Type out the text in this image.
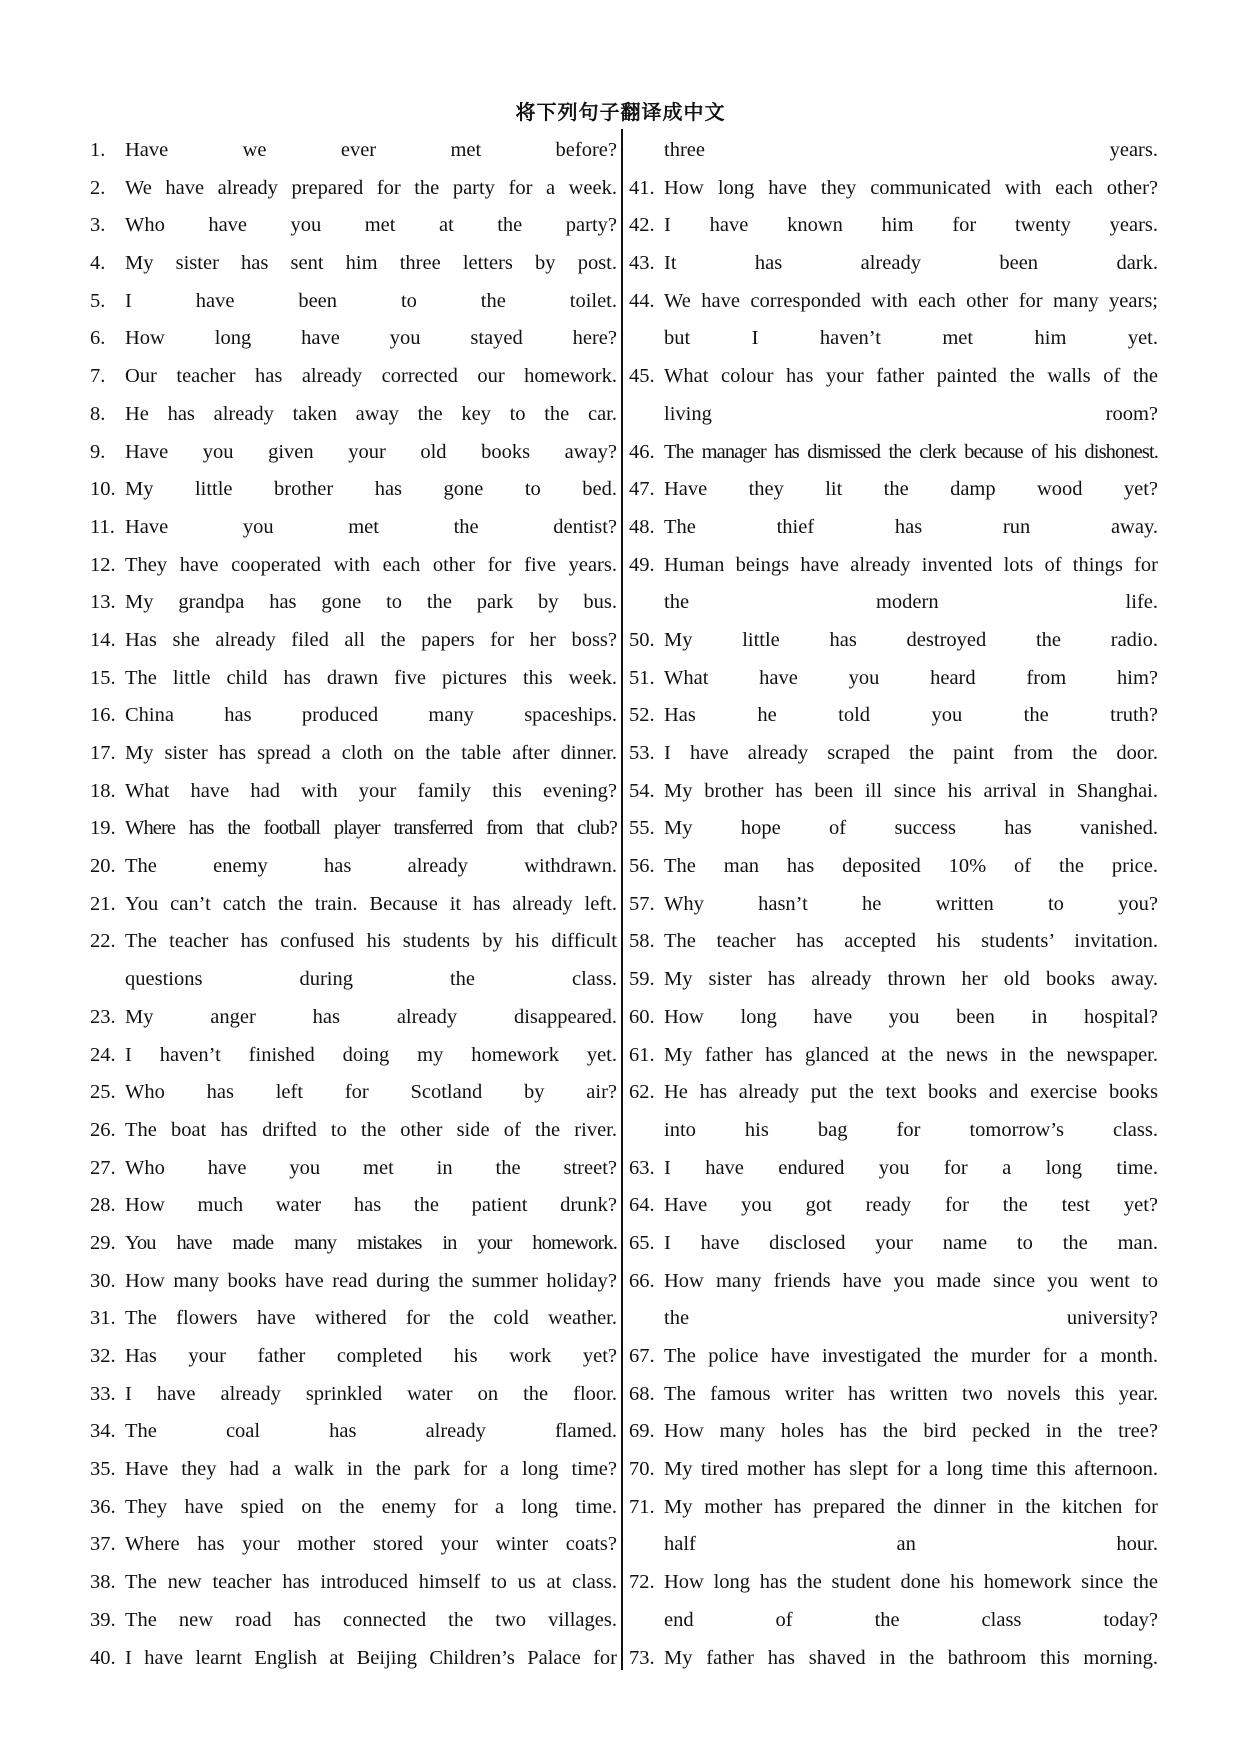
将下列句子翻译成中文
1. Have we ever met before?
2. We have already prepared for the party for a week.
3. Who have you met at the party?
4. My sister has sent him three letters by post.
5. I have been to the toilet.
6. How long have you stayed here?
7. Our teacher has already corrected our homework.
8. He has already taken away the key to the car.
9. Have you given your old books away?
10. My little brother has gone to bed.
11. Have you met the dentist?
12. They have cooperated with each other for five years.
13. My grandpa has gone to the park by bus.
14. Has she already filed all the papers for her boss?
15. The little child has drawn five pictures this week.
16. China has produced many spaceships.
17. My sister has spread a cloth on the table after dinner.
18. What have had with your family this evening?
19. Where has the football player transferred from that club?
20. The enemy has already withdrawn.
21. You can’t catch the train. Because it has already left.
22. The teacher has confused his students by his difficult
questions during the class.
23. My anger has already disappeared.
24. I haven’t finished doing my homework yet.
25. Who has left for Scotland by air?
26. The boat has drifted to the other side of the river.
27. Who have you met in the street?
28. How much water has the patient drunk?
29. You have made many mistakes in your homework.
30. How many books have read during the summer holiday?
31. The flowers have withered for the cold weather.
32. Has your father completed his work yet?
33. I have already sprinkled water on the floor.
34. The coal has already flamed.
35. Have they had a walk in the park for a long time?
36. They have spied on the enemy for a long time.
37. Where has your mother stored your winter coats?
38. The new teacher has introduced himself to us at class.
39. The new road has connected the two villages.
40. I have learnt English at Beijing Children’s Palace for
three years.
41. How long have they communicated with each other?
42. I have known him for twenty years.
43. It has already been dark.
44. We have corresponded with each other for many years;
but I haven’t met him yet.
45. What colour has your father painted the walls of the
living room?
46. The manager has dismissed the clerk because of his dishonest.
47. Have they lit the damp wood yet?
48. The thief has run away.
49. Human beings have already invented lots of things for
the modern life.
50. My little has destroyed the radio.
51. What have you heard from him?
52. Has he told you the truth?
53. I have already scraped the paint from the door.
54. My brother has been ill since his arrival in Shanghai.
55. My hope of success has vanished.
56. The man has deposited 10% of the price.
57. Why hasn’t he written to you?
58. The teacher has accepted his students’ invitation.
59. My sister has already thrown her old books away.
60. How long have you been in hospital?
61. My father has glanced at the news in the newspaper.
62. He has already put the text books and exercise books
into his bag for tomorrow’s class.
63. I have endured you for a long time.
64. Have you got ready for the test yet?
65. I have disclosed your name to the man.
66. How many friends have you made since you went to
the university?
67. The police have investigated the murder for a month.
68. The famous writer has written two novels this year.
69. How many holes has the bird pecked in the tree?
70. My tired mother has slept for a long time this afternoon.
71. My mother has prepared the dinner in the kitchen for
half an hour.
72. How long has the student done his homework since the
end of the class today?
73. My father has shaved in the bathroom this morning.
